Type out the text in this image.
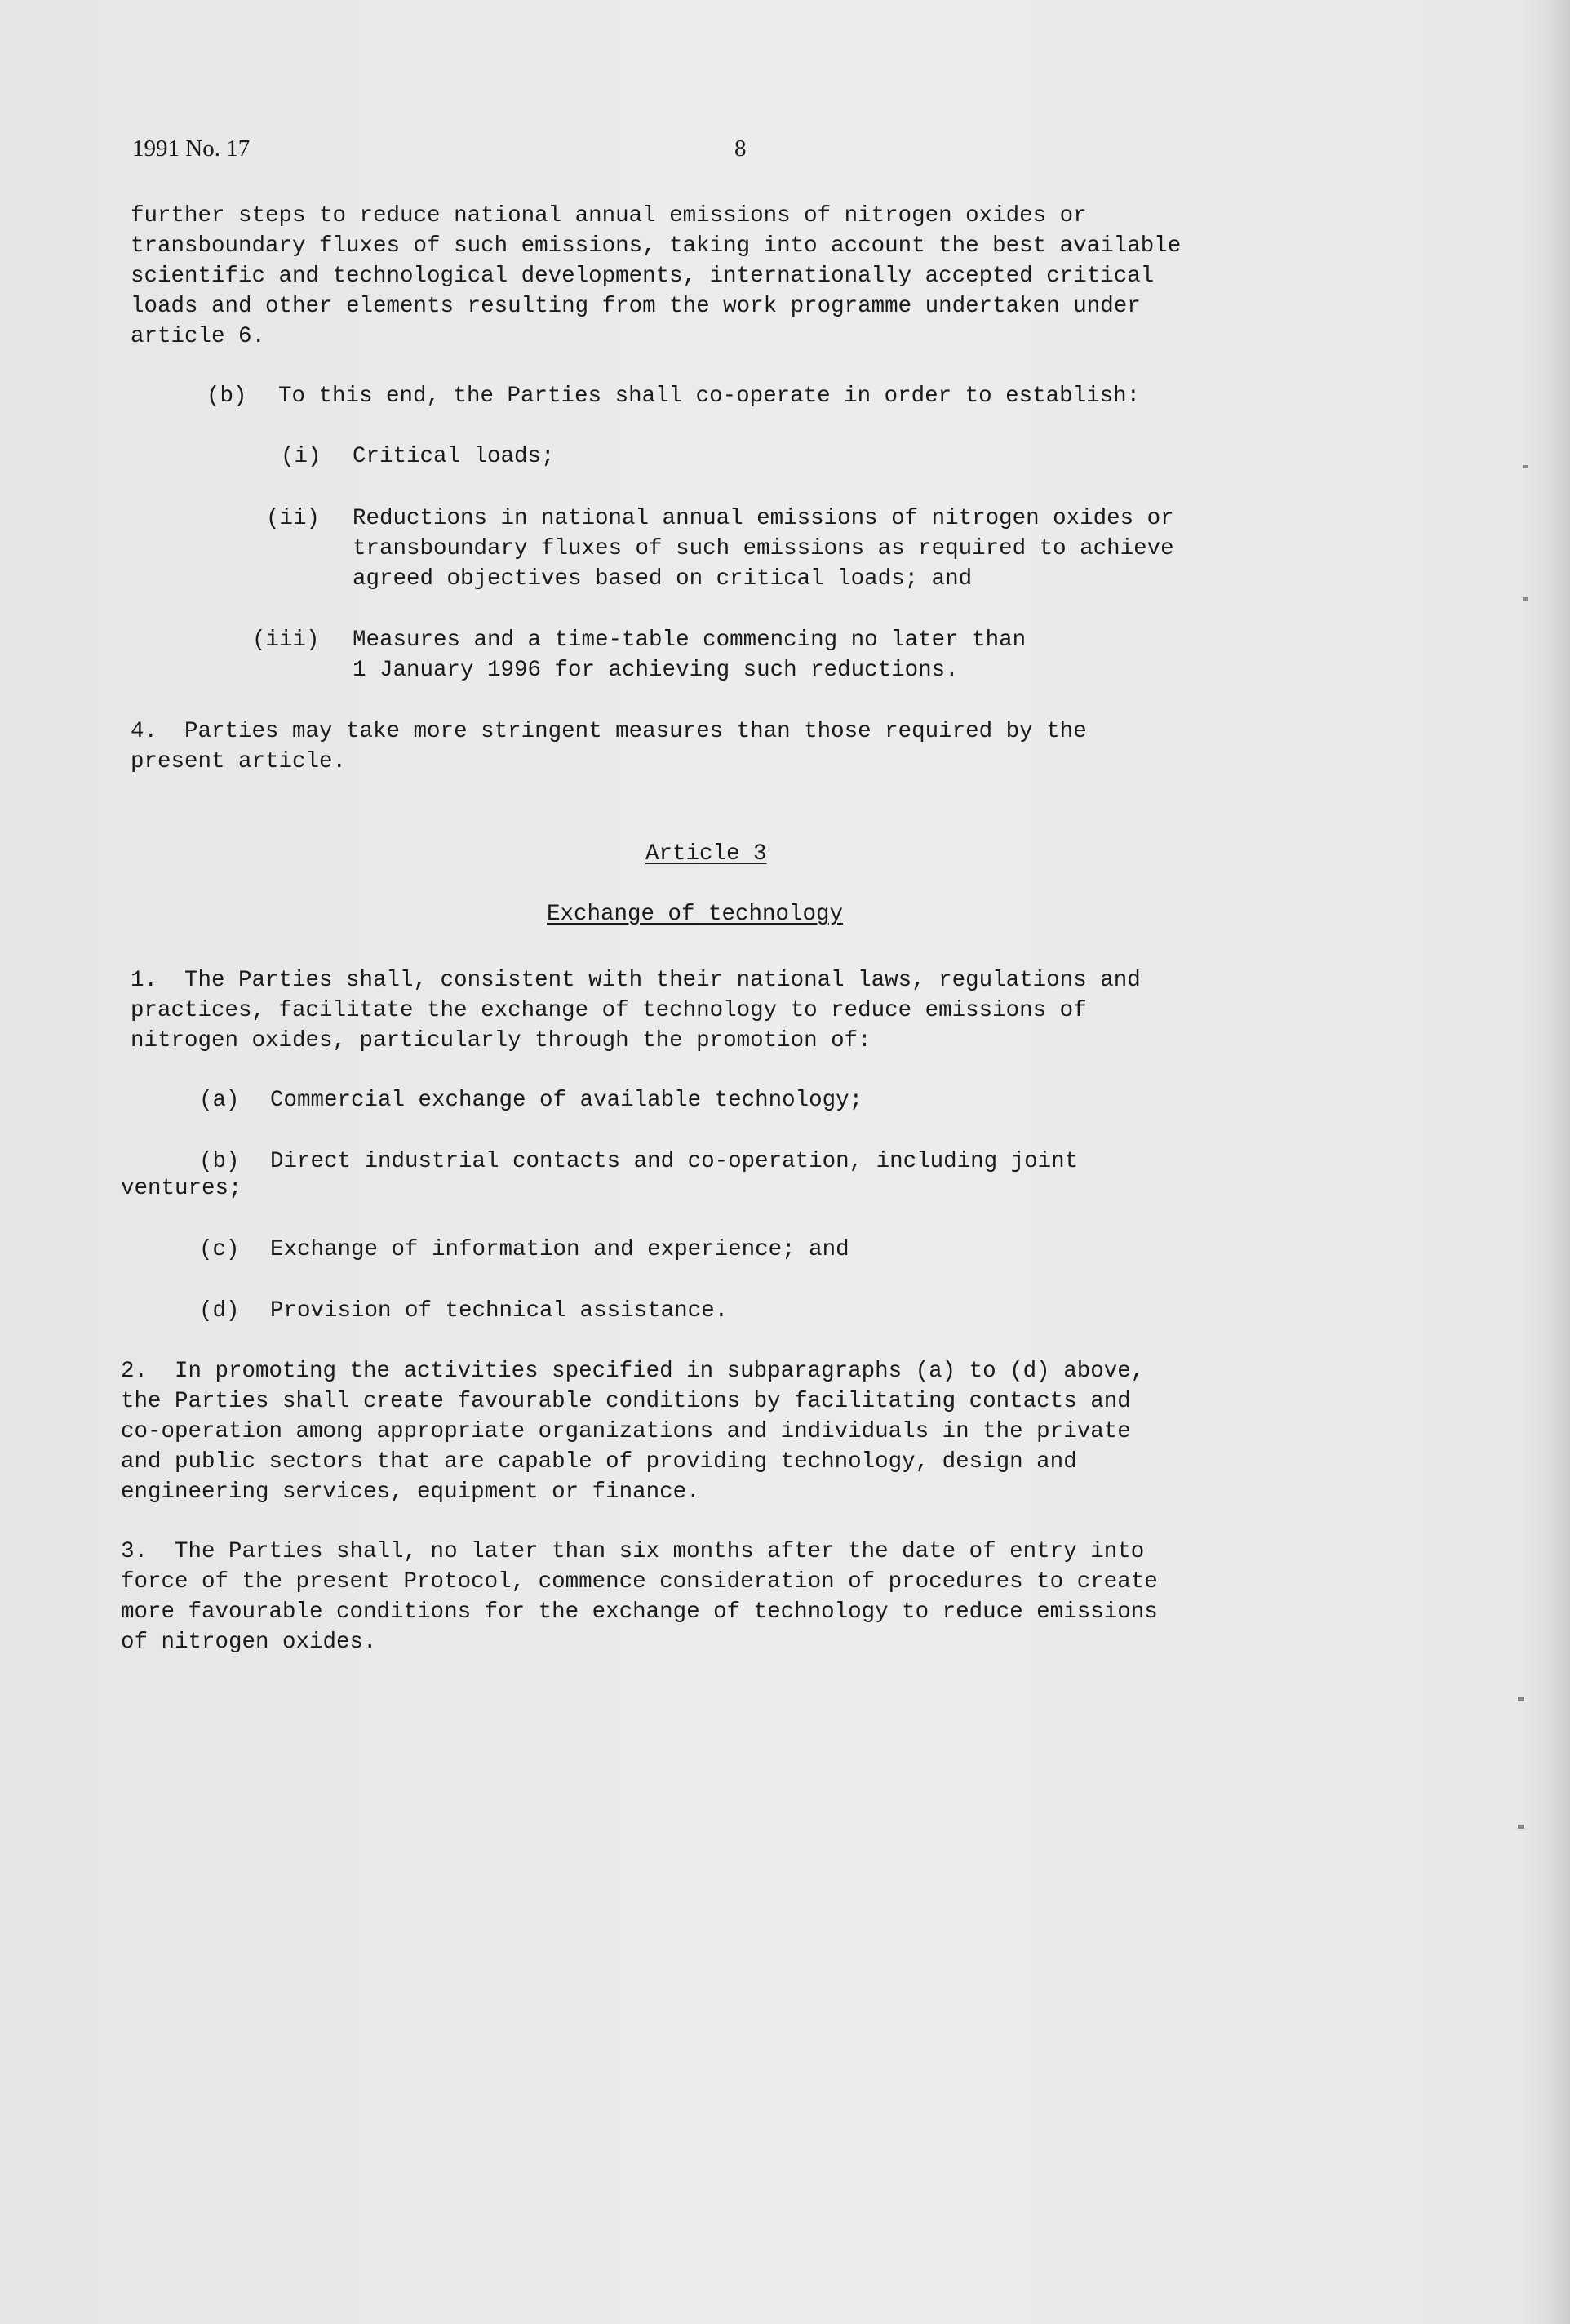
1991 No. 17	8
further steps to reduce national annual emissions of nitrogen oxides or
transboundary fluxes of such emissions, taking into account the best available
scientific and technological developments, internationally accepted critical
loads and other elements resulting from the work programme undertaken under
article 6.
(b) To this end, the Parties shall co-operate in order to establish:
(i) Critical loads;
(ii) Reductions in national annual emissions of nitrogen oxides or
transboundary fluxes of such emissions as required to achieve
agreed objectives based on critical loads; and
(iii) Measures and a time-table commencing no later than
1 January 1996 for achieving such reductions.
4.  Parties may take more stringent measures than those required by the
present article.
Article 3
Exchange of technology
1.  The Parties shall, consistent with their national laws, regulations and
practices, facilitate the exchange of technology to reduce emissions of
nitrogen oxides, particularly through the promotion of:
(a) Commercial exchange of available technology;
(b) Direct industrial contacts and co-operation, including joint
ventures;
(c) Exchange of information and experience; and
(d) Provision of technical assistance.
2.  In promoting the activities specified in subparagraphs (a) to (d) above,
the Parties shall create favourable conditions by facilitating contacts and
co-operation among appropriate organizations and individuals in the private
and public sectors that are capable of providing technology, design and
engineering services, equipment or finance.
3.  The Parties shall, no later than six months after the date of entry into
force of the present Protocol, commence consideration of procedures to create
more favourable conditions for the exchange of technology to reduce emissions
of nitrogen oxides.
